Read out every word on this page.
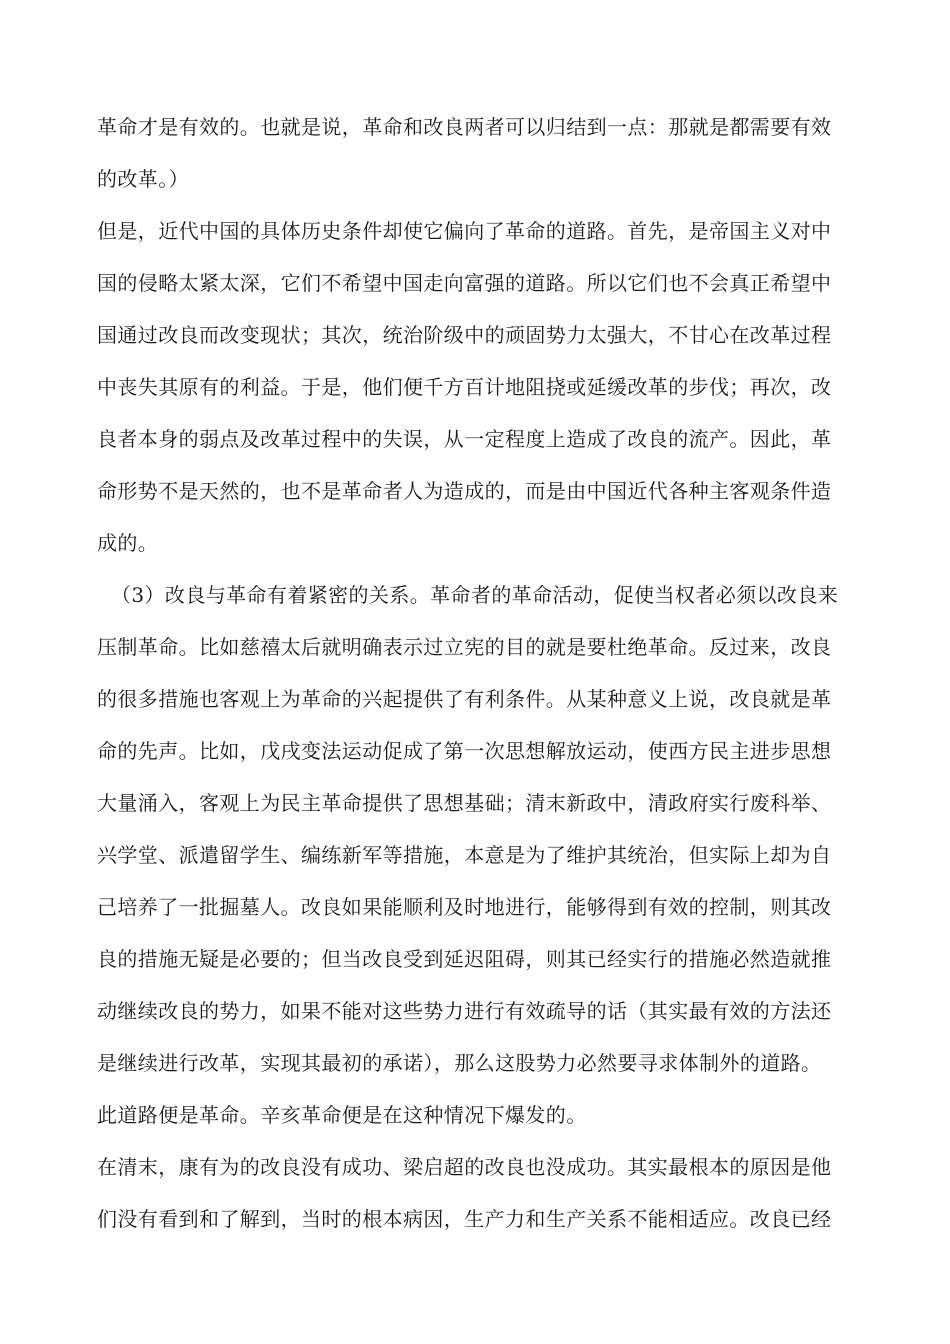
革命才是有效的。也就是说，革命和改良两者可以归结到一点：那就是都需要有效
的改革。）

但是，近代中国的具体历史条件却使它偏向了革命的道路。首先，是帝国主义对中
国的侵略太紧太深，它们不希望中国走向富强的道路。所以它们也不会真正希望中
国通过改良而改变现状；其次，统治阶级中的顽固势力太强大，不甘心在改革过程
中丧失其原有的利益。于是，他们便千方百计地阻挠或延缓改革的步伐；再次，改
良者本身的弱点及改革过程中的失误，从一定程度上造成了改良的流产。因此，革
命形势不是天然的，也不是革命者人为造成的，而是由中国近代各种主客观条件造
成的。

（3）改良与革命有着紧密的关系。革命者的革命活动，促使当权者必须以改良来
压制革命。比如慈禧太后就明确表示过立宪的目的就是要杜绝革命。反过来，改良
的很多措施也客观上为革命的兴起提供了有利条件。从某种意义上说，改良就是革
命的先声。比如，戊戌变法运动促成了第一次思想解放运动，使西方民主进步思想
大量涌入，客观上为民主革命提供了思想基础；清末新政中，清政府实行废科举、
兴学堂、派遣留学生、编练新军等措施，本意是为了维护其统治，但实际上却为自
己培养了一批掘墓人。改良如果能顺利及时地进行，能够得到有效的控制，则其改
良的措施无疑是必要的；但当改良受到延迟阻碍，则其已经实行的措施必然造就推
动继续改良的势力，如果不能对这些势力进行有效疏导的话（其实最有效的方法还
是继续进行改革，实现其最初的承诺），那么这股势力必然要寻求体制外的道路。
此道路便是革命。辛亥革命便是在这种情况下爆发的。

在清末，康有为的改良没有成功、梁启超的改良也没成功。其实最根本的原因是他
们没有看到和了解到，当时的根本病因，生产力和生产关系不能相适应。改良已经
